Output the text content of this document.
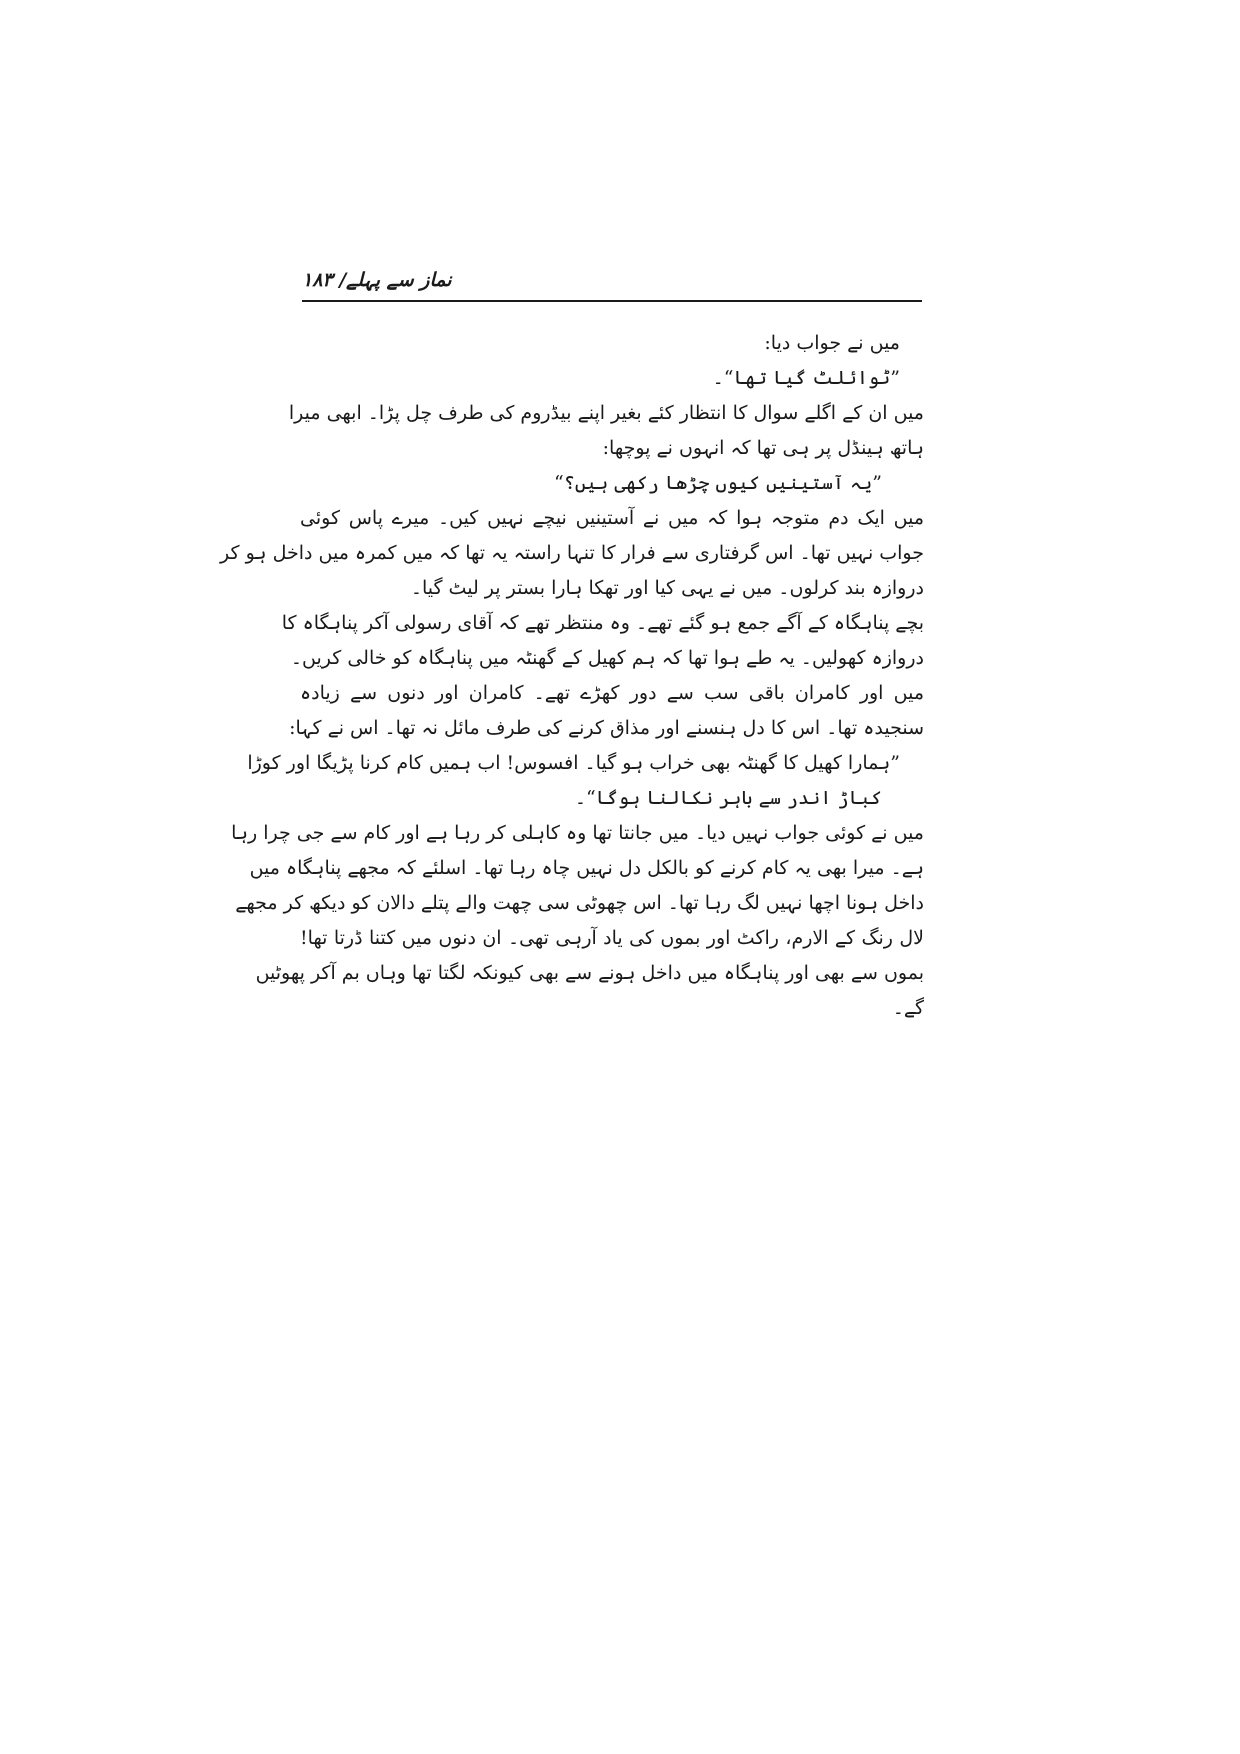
نماز سے پہلے/ ۱۸۳
میں نے جواب دیا:
”ٹوائلٹ گیا تھا“۔
میں ان کے اگلے سوال کا انتظار کئے بغیر اپنے بیڈروم کی طرف چل پڑا۔ ابھی میرا
ہاتھ ہینڈل پر ہی تھا کہ انہوں نے پوچھا:
”یہ آستینیں کیوں چڑھا رکھی ہیں؟“
میں ایک دم متوجہ ہوا کہ میں نے آستینیں نیچے نہیں کیں۔ میرے پاس کوئی
جواب نہیں تھا۔ اس گرفتاری سے فرار کا تنہا راستہ یہ تھا کہ میں کمرہ میں داخل ہو کر
دروازہ بند کرلوں۔ میں نے یہی کیا اور تھکا ہارا بستر پر لیٹ گیا۔
بچے پناہگاہ کے آگے جمع ہو گئے تھے۔ وہ منتظر تھے کہ آقای رسولی آکر پناہگاہ کا
دروازہ کھولیں۔ یہ طے ہوا تھا کہ ہم کھیل کے گھنٹہ میں پناہگاہ کو خالی کریں۔
میں اور کامران باقی سب سے دور کھڑے تھے۔ کامران اور دنوں سے زیادہ
سنجیدہ تھا۔ اس کا دل ہنسنے اور مذاق کرنے کی طرف مائل نہ تھا۔ اس نے کہا:
”ہمارا کھیل کا گھنٹہ بھی خراب ہو گیا۔ افسوس! اب ہمیں کام کرنا پڑیگا اور کوڑا
کباڑ اندر سے باہر نکالنا ہوگا“۔
میں نے کوئی جواب نہیں دیا۔ میں جانتا تھا وہ کاہلی کر رہا ہے اور کام سے جی چرا رہا
ہے۔ میرا بھی یہ کام کرنے کو بالکل دل نہیں چاہ رہا تھا۔ اسلئے کہ مجھے پناہگاہ میں
داخل ہونا اچھا نہیں لگ رہا تھا۔ اس چھوٹی سی چھت والے پتلے دالان کو دیکھ کر مجھے
لال رنگ کے الارم، راکٹ اور بموں کی یاد آرہی تھی۔ ان دنوں میں کتنا ڈرتا تھا!
بموں سے بھی اور پناہگاہ میں داخل ہونے سے بھی کیونکہ لگتا تھا وہاں بم آکر پھوٹیں
گے۔
